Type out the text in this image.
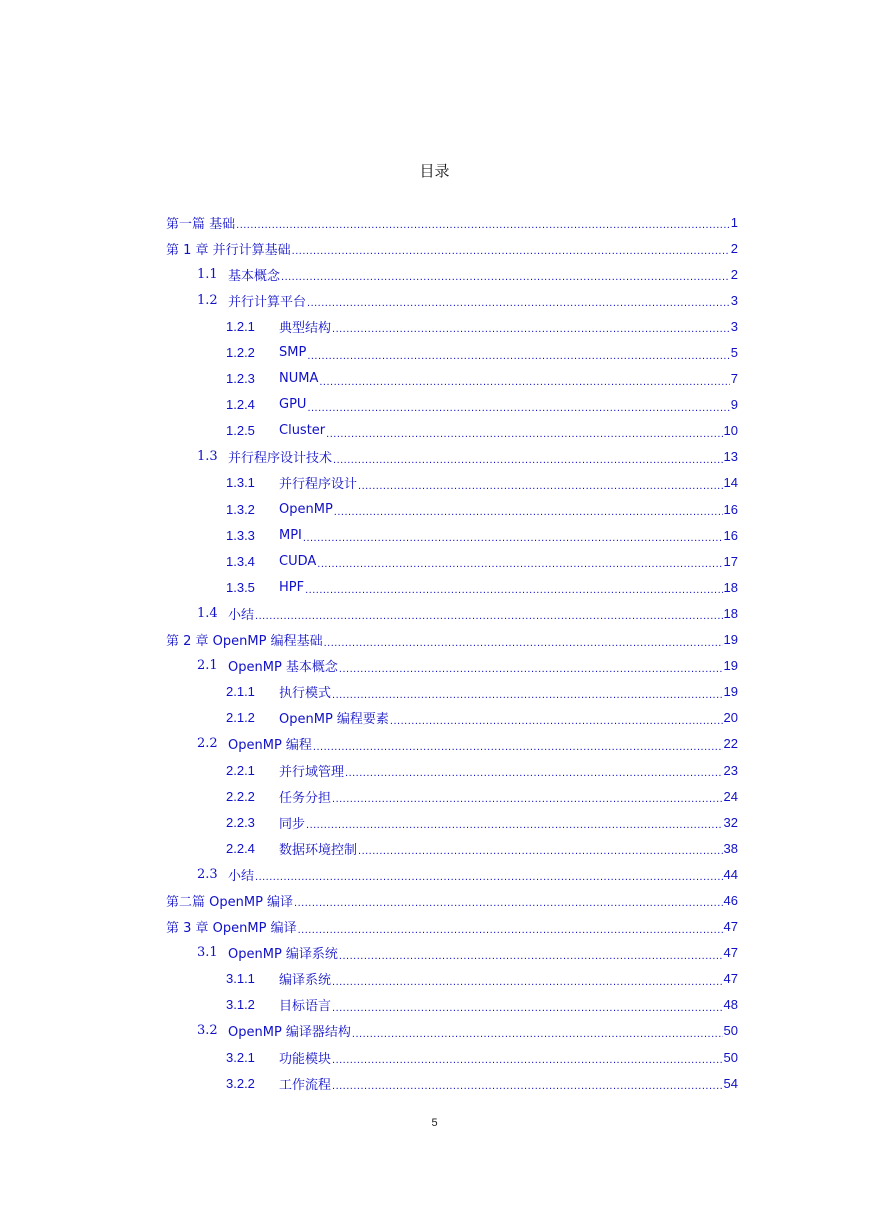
目录
第一篇 基础 .....	1
第 1 章 并行计算基础 .....	2
1.1 基本概念 .....	2
1.2 并行计算平台 .....	3
1.2.1	典型结构 .....	3
1.2.2	SMP .....	5
1.2.3	NUMA .....	7
1.2.4	GPU .....	9
1.2.5	Cluster .....	10
1.3 并行程序设计技术 .....	13
1.3.1	并行程序设计 .....	14
1.3.2	OpenMP .....	16
1.3.3	MPI .....	16
1.3.4	CUDA .....	17
1.3.5	HPF .....	18
1.4 小结 .....	18
第 2 章 OpenMP 编程基础 .....	19
2.1 OpenMP 基本概念 .....	19
2.1.1	执行模式 .....	19
2.1.2	OpenMP 编程要素 .....	20
2.2 OpenMP 编程 .....	22
2.2.1	并行域管理 .....	23
2.2.2	任务分担 .....	24
2.2.3	同步 .....	32
2.2.4	数据环境控制 .....	38
2.3 小结 .....	44
第二篇 OpenMP 编译 .....	46
第 3 章 OpenMP 编译 .....	47
3.1 OpenMP 编译系统 .....	47
3.1.1	编译系统 .....	47
3.1.2	目标语言 .....	48
3.2 OpenMP 编译器结构 .....	50
3.2.1	功能模块 .....	50
3.2.2	工作流程 .....	54
5
